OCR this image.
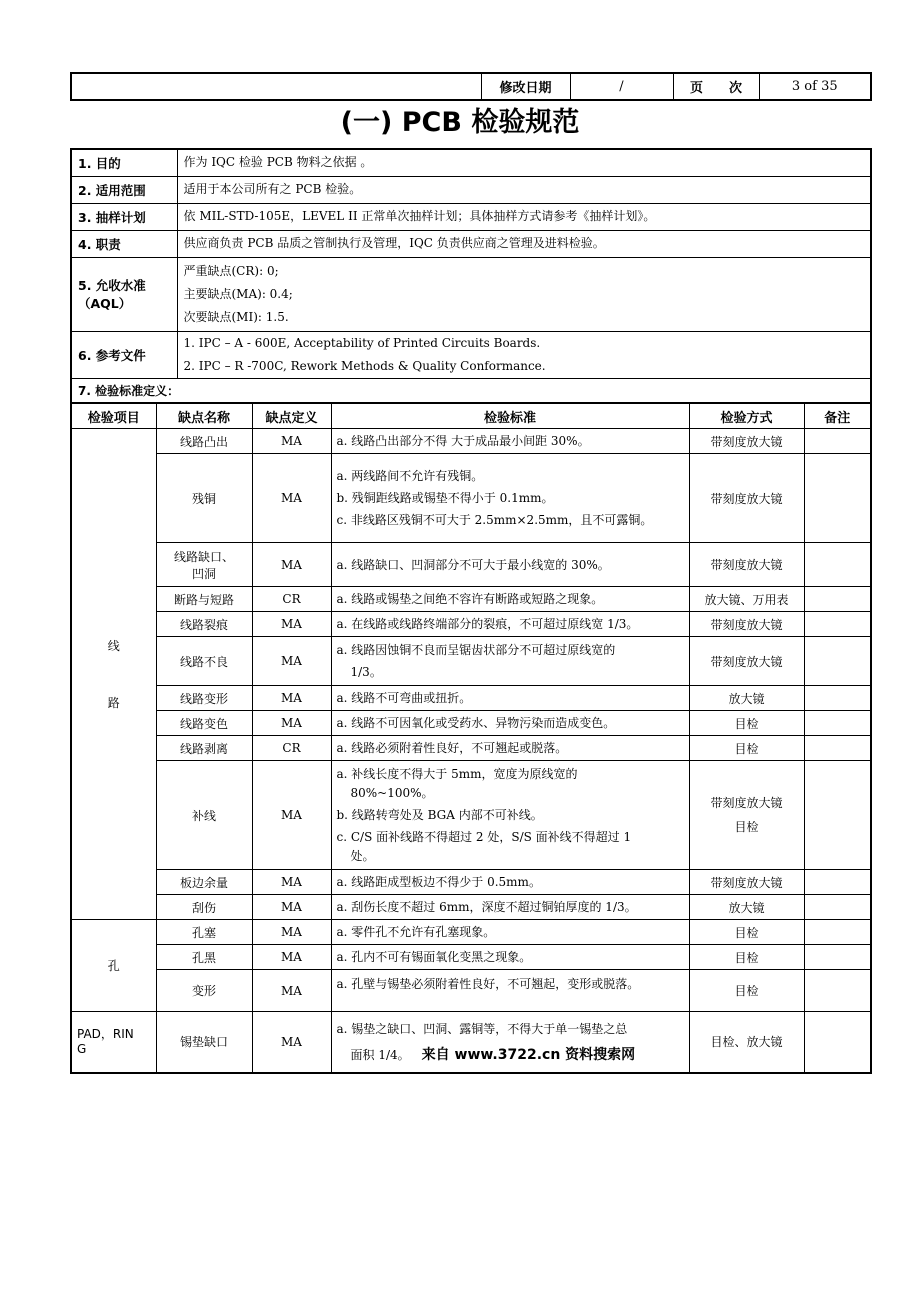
	修改日期	/	页　　次	3 of 35
(一) PCB 检验规范
1. 目的	作为 IQC 检验 PCB 物料之依据 。
2. 适用范围	适用于本公司所有之 PCB 检验。
3. 抽样计划	依 MIL-STD-105E，LEVEL II 正常单次抽样计划；具体抽样方式请参考《抽样计划》。
4. 职责	供应商负责 PCB 品质之管制执行及管理，IQC 负责供应商之管理及进料检验。

5. 允收水准
（AQL）	严重缺点(CR): 0;
主要缺点(MA): 0.4;
次要缺点(MI): 1.5.

6. 参考文件	1. IPC – A - 600E, Acceptability of Printed Circuits Boards.
2. IPC – R -700C, Rework Methods & Quality Conformance.

7. 检验标准定义：	
检验项目	缺点名称	缺点定义	检验标准	检验方式	备注

线
路	线路凸出	MA	a. 线路凸出部分不得 大于成品最小间距 30%。	带刻度放大镜	
	残铜	MA	a. 两线路间不允许有残铜。
b. 残铜距线路或锡垫不得小于 0.1mm。
c. 非线路区残铜不可大于 2.5mm×2.5mm，且不可露铜。	带刻度放大镜	

	线路缺口、
凹洞	MA	a. 线路缺口、凹洞部分不可大于最小线宽的 30%。	带刻度放大镜	
	断路与短路	CR	a. 线路或锡垫之间绝不容许有断路或短路之现象。	放大镜、万用表	
	线路裂痕	MA	a. 在线路或线路终端部分的裂痕，不可超过原线宽 1/3。	带刻度放大镜	
	线路不良	MA	a. 线路因蚀铜不良而呈锯齿状部分不可超过原线宽的
1/3。	带刻度放大镜	
	线路变形	MA	a. 线路不可弯曲或扭折。	放大镜	
	线路变色	MA	a. 线路不可因氧化或受药水、异物污染而造成变色。	目检	
	线路剥离	CR	a. 线路必须附着性良好，不可翘起或脱落。	目检	
	补线	MA	a. 补线长度不得大于 5mm，宽度为原线宽的
80%~100%。
b. 线路转弯处及 BGA 内部不可补线。
c. C/S 面补线路不得超过 2 处，S/S 面补线不得超过 1
处。	带刻度放大镜
目检	

	板边余量	MA	a. 线路距成型板边不得少于 0.5mm。	带刻度放大镜	
	刮伤	MA	a. 刮伤长度不超过 6mm，深度不超过铜铂厚度的 1/3。	放大镜	
孔	孔塞	MA	a. 零件孔不允许有孔塞现象。	目检	
	孔黑	MA	a. 孔内不可有锡面氧化变黑之现象。	目检	
	变形	MA	a. 孔壁与锡垫必须附着性良好，不可翘起，变形或脱落。	目检	

PAD，RIN
G	锡垫缺口	MA	a. 锡垫之缺口、凹洞、露铜等，不得大于单一锡垫之总
面积 1/4。 来自 www.3722.cn 资料搜索网	目检、放大镜	
